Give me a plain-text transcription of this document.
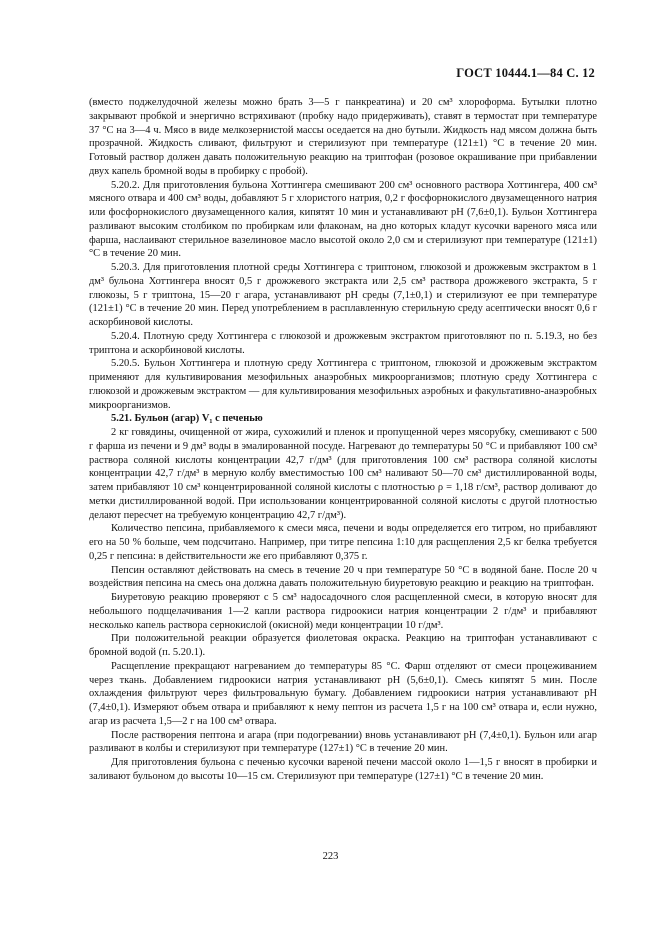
ГОСТ 10444.1—84 С. 12

(вместо поджелудочной железы можно брать 3—5 г панкреатина) и 20 см³ хлороформа. Бутылки плотно закрывают пробкой и энергично встряхивают (пробку надо придерживать), ставят в термостат при температуре 37 °С на 3—4 ч. Мясо в виде мелкозернистой массы оседается на дно бутыли. Жидкость над мясом должна быть прозрачной. Жидкость сливают, фильтруют и стерилизуют при температуре (121±1) °С в течение 20 мин. Готовый раствор должен давать положительную реакцию на триптофан (розовое окрашивание при прибавлении двух капель бромной воды в пробирку с пробой).

5.20.2. Для приготовления бульона Хоттингера смешивают 200 см³ основного раствора Хоттингера, 400 см³ мясного отвара и 400 см³ воды, добавляют 5 г хлористого натрия, 0,2 г фосфорнокислого двузамещенного натрия или фосфорнокислого двузамещенного калия, кипятят 10 мин и устанавливают рН (7,6±0,1). Бульон Хоттингера разливают высоким столбиком по пробиркам или флаконам, на дно которых кладут кусочки вареного мяса или фарша, наслаивают стерильное вазелиновое масло высотой около 2,0 см и стерилизуют при температуре (121±1) °С в течение 20 мин.

5.20.3. Для приготовления плотной среды Хоттингера с триптоном, глюкозой и дрожжевым экстрактом в 1 дм³ бульона Хоттингера вносят 0,5 г дрожжевого экстракта или 2,5 см³ раствора дрожжевого экстракта, 5 г глюкозы, 5 г триптона, 15—20 г агара, устанавливают рН среды (7,1±0,1) и стерилизуют ее при температуре (121±1) °С в течение 20 мин. Перед употреблением в расплавленную стерильную среду асептически вносят 0,6 г аскорбиновой кислоты.

5.20.4. Плотную среду Хоттингера с глюкозой и дрожжевым экстрактом приготовляют по п. 5.19.3, но без триптона и аскорбиновой кислоты.

5.20.5. Бульон Хоттингера и плотную среду Хоттингера с триптоном, глюкозой и дрожжевым экстрактом применяют для культивирования мезофильных анаэробных микроорганизмов; плотную среду Хоттингера с глюкозой и дрожжевым экстрактом — для культивирования мезофильных аэробных и факультативно-анаэробных микроорганизмов.

5.21. Бульон (агар) V₁ с печенью

2 кг говядины, очищенной от жира, сухожилий и пленок и пропущенной через мясорубку, смешивают с 500 г фарша из печени и 9 дм³ воды в эмалированной посуде. Нагревают до температуры 50 °С и прибавляют 100 см³ раствора соляной кислоты концентрации 42,7 г/дм³ (для приготовления 100 см³ раствора соляной кислоты концентрации 42,7 г/дм³ в мерную колбу вместимостью 100 см³ наливают 50—70 см³ дистиллированной воды, затем прибавляют 10 см³ концентрированной соляной кислоты с плотностью ρ = 1,18 г/см³, раствор доливают до метки дистиллированной водой. При использовании концентрированной соляной кислоты с другой плотностью делают пересчет на требуемую концентрацию 42,7 г/дм³).

Количество пепсина, прибавляемого к смеси мяса, печени и воды определяется его титром, но прибавляют его на 50 % больше, чем подсчитано. Например, при титре пепсина 1:10 для расщепления 2,5 кг белка требуется 0,25 г пепсина: в действительности же его прибавляют 0,375 г.

Пепсин оставляют действовать на смесь в течение 20 ч при температуре 50 °С в водяной бане. После 20 ч воздействия пепсина на смесь она должна давать положительную биуретовую реакцию и реакцию на триптофан.

Биуретовую реакцию проверяют с 5 см³ надосадочного слоя расщепленной смеси, в которую вносят для небольшого подщелачивания 1—2 капли раствора гидроокиси натрия концентрации 2 г/дм³ и прибавляют несколько капель раствора сернокислой (окисной) меди концентрации 10 г/дм³.

При положительной реакции образуется фиолетовая окраска. Реакцию на триптофан устанавливают с бромной водой (п. 5.20.1).

Расщепление прекращают нагреванием до температуры 85 °С. Фарш отделяют от смеси процеживанием через ткань. Добавлением гидроокиси натрия устанавливают рН (5,6±0,1). Смесь кипятят 5 мин. После охлаждения фильтруют через фильтровальную бумагу. Добавлением гидроокиси натрия устанавливают рН (7,4±0,1). Измеряют объем отвара и прибавляют к нему пептон из расчета 1,5 г на 100 см³ отвара и, если нужно, агар из расчета 1,5—2 г на 100 см³ отвара.

После растворения пептона и агара (при подогревании) вновь устанавливают рН (7,4±0,1). Бульон или агар разливают в колбы и стерилизуют при температуре (127±1) °С в течение 20 мин.

Для приготовления бульона с печенью кусочки вареной печени массой около 1—1,5 г вносят в пробирки и заливают бульоном до высоты 10—15 см. Стерилизуют при температуре (127±1) °С в течение 20 мин.

223
